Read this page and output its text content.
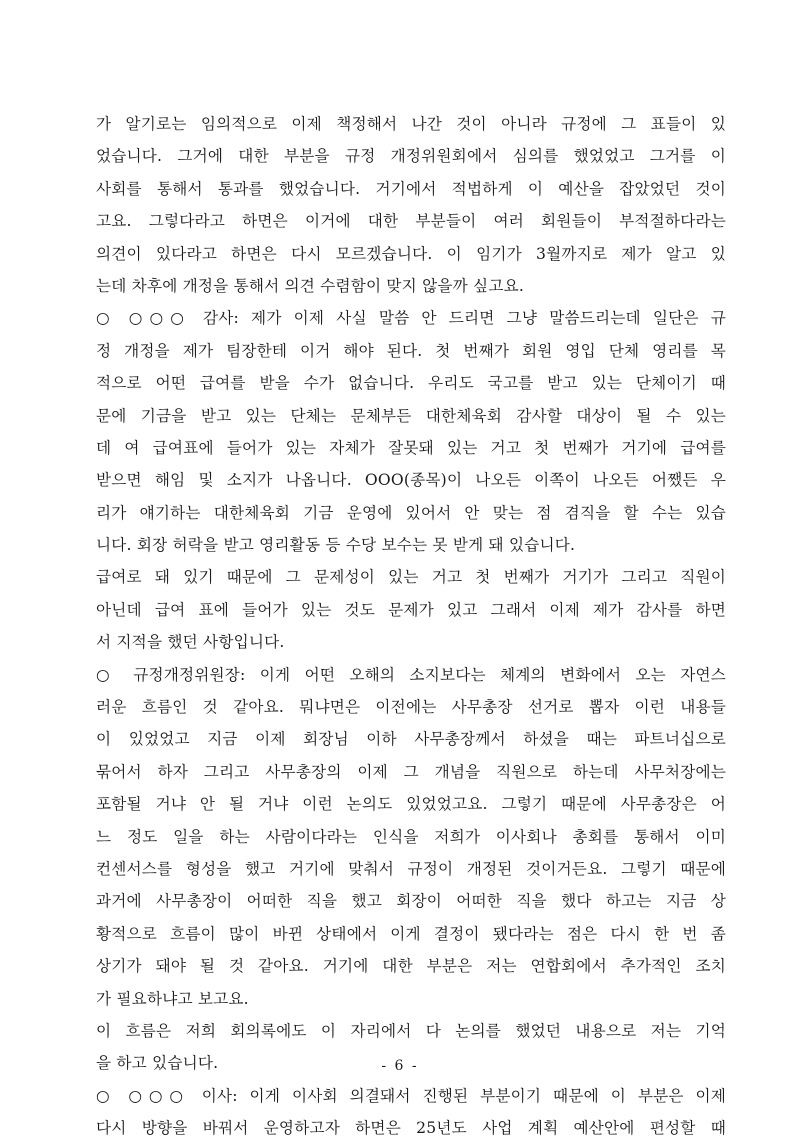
가 알기로는 임의적으로 이제 책정해서 나간 것이 아니라 규정에 그 표들이 있
었습니다. 그거에 대한 부분을 규정 개정위원회에서 심의를 했었었고 그거를 이
사회를 통해서 통과를 했었습니다. 거기에서 적법하게 이 예산을 잡았었던 것이
고요. 그렇다라고 하면은 이거에 대한 부분들이 여러 회원들이 부적절하다라는
의견이 있다라고 하면은 다시 모르겠습니다. 이 임기가 3월까지로 제가 알고 있
는데 차후에 개정을 통해서 의견 수렴함이 맞지 않을까 싶고요.
○ ○○○ 감사: 제가 이제 사실 말씀 안 드리면 그냥 말씀드리는데 일단은 규
정 개정을 제가 팀장한테 이거 해야 된다. 첫 번째가 회원 영입 단체 영리를 목
적으로 어떤 급여를 받을 수가 없습니다. 우리도 국고를 받고 있는 단체이기 때
문에 기금을 받고 있는 단체는 문체부든 대한체육회 감사할 대상이 될 수 있는
데 여 급여표에 들어가 있는 자체가 잘못돼 있는 거고 첫 번째가 거기에 급여를
받으면 해임 및 소지가 나옵니다. OOO(종목)이 나오든 이쪽이 나오든 어쨌든 우
리가 얘기하는 대한체육회 기금 운영에 있어서 안 맞는 점 겸직을 할 수는 있습
니다. 회장 허락을 받고 영리활동 등 수당 보수는 못 받게 돼 있습니다.
급여로 돼 있기 때문에 그 문제성이 있는 거고 첫 번째가 거기가 그리고 직원이
아닌데 급여 표에 들어가 있는 것도 문제가 있고 그래서 이제 제가 감사를 하면
서 지적을 했던 사항입니다.
○ 규정개정위원장: 이게 어떤 오해의 소지보다는 체계의 변화에서 오는 자연스
러운 흐름인 것 같아요. 뭐냐면은 이전에는 사무총장 선거로 뽑자 이런 내용들
이 있었었고 지금 이제 회장님 이하 사무총장께서 하셨을 때는 파트너십으로
묶어서 하자 그리고 사무총장의 이제 그 개념을 직원으로 하는데 사무처장에는
포함될 거냐 안 될 거냐 이런 논의도 있었었고요. 그렇기 때문에 사무총장은 어
느 정도 일을 하는 사람이다라는 인식을 저희가 이사회나 총회를 통해서 이미
컨센서스를 형성을 했고 거기에 맞춰서 규정이 개정된 것이거든요. 그렇기 때문에
과거에 사무총장이 어떠한 직을 했고 회장이 어떠한 직을 했다 하고는 지금 상
황적으로 흐름이 많이 바뀐 상태에서 이게 결정이 됐다라는 점은 다시 한 번 좀
상기가 돼야 될 것 같아요. 거기에 대한 부분은 저는 연합회에서 추가적인 조치
가 필요하냐고 보고요.
이 흐름은 저희 회의록에도 이 자리에서 다 논의를 했었던 내용으로 저는 기억
을 하고 있습니다.
○ ○○○ 이사: 이게 이사회 의결돼서 진행된 부분이기 때문에 이 부분은 이제
다시 방향을 바꿔서 운영하고자 하면은 25년도 사업 계획 예산안에 편성할 때
- 6 -
